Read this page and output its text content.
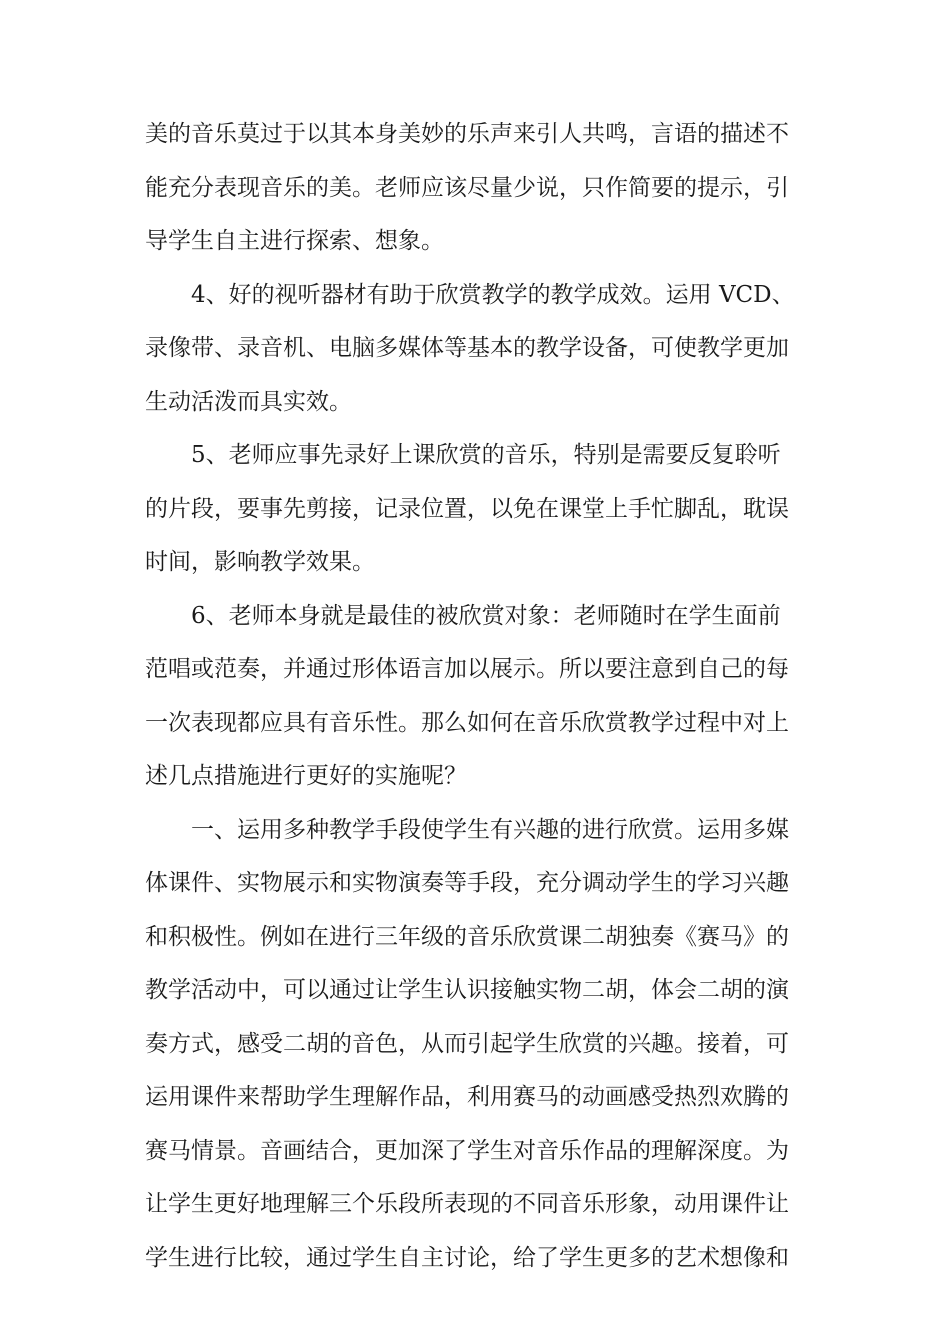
美的音乐莫过于以其本身美妙的乐声来引人共鸣，言语的描述不
能充分表现音乐的美。老师应该尽量少说，只作简要的提示，引
导学生自主进行探索、想象。
4、好的视听器材有助于欣赏教学的教学成效。运用 VCD、
录像带、录音机、电脑多媒体等基本的教学设备，可使教学更加
生动活泼而具实效。
5、老师应事先录好上课欣赏的音乐，特别是需要反复聆听
的片段，要事先剪接，记录位置，以免在课堂上手忙脚乱，耽误
时间，影响教学效果。
6、老师本身就是最佳的被欣赏对象：老师随时在学生面前
范唱或范奏，并通过形体语言加以展示。所以要注意到自己的每
一次表现都应具有音乐性。那么如何在音乐欣赏教学过程中对上
述几点措施进行更好的实施呢？
一、运用多种教学手段使学生有兴趣的进行欣赏。运用多媒
体课件、实物展示和实物演奏等手段，充分调动学生的学习兴趣
和积极性。例如在进行三年级的音乐欣赏课二胡独奏《赛马》的
教学活动中，可以通过让学生认识接触实物二胡，体会二胡的演
奏方式，感受二胡的音色，从而引起学生欣赏的兴趣。接着，可
运用课件来帮助学生理解作品，利用赛马的动画感受热烈欢腾的
赛马情景。音画结合，更加深了学生对音乐作品的理解深度。为
让学生更好地理解三个乐段所表现的不同音乐形象，动用课件让
学生进行比较，通过学生自主讨论，给了学生更多的艺术想像和
